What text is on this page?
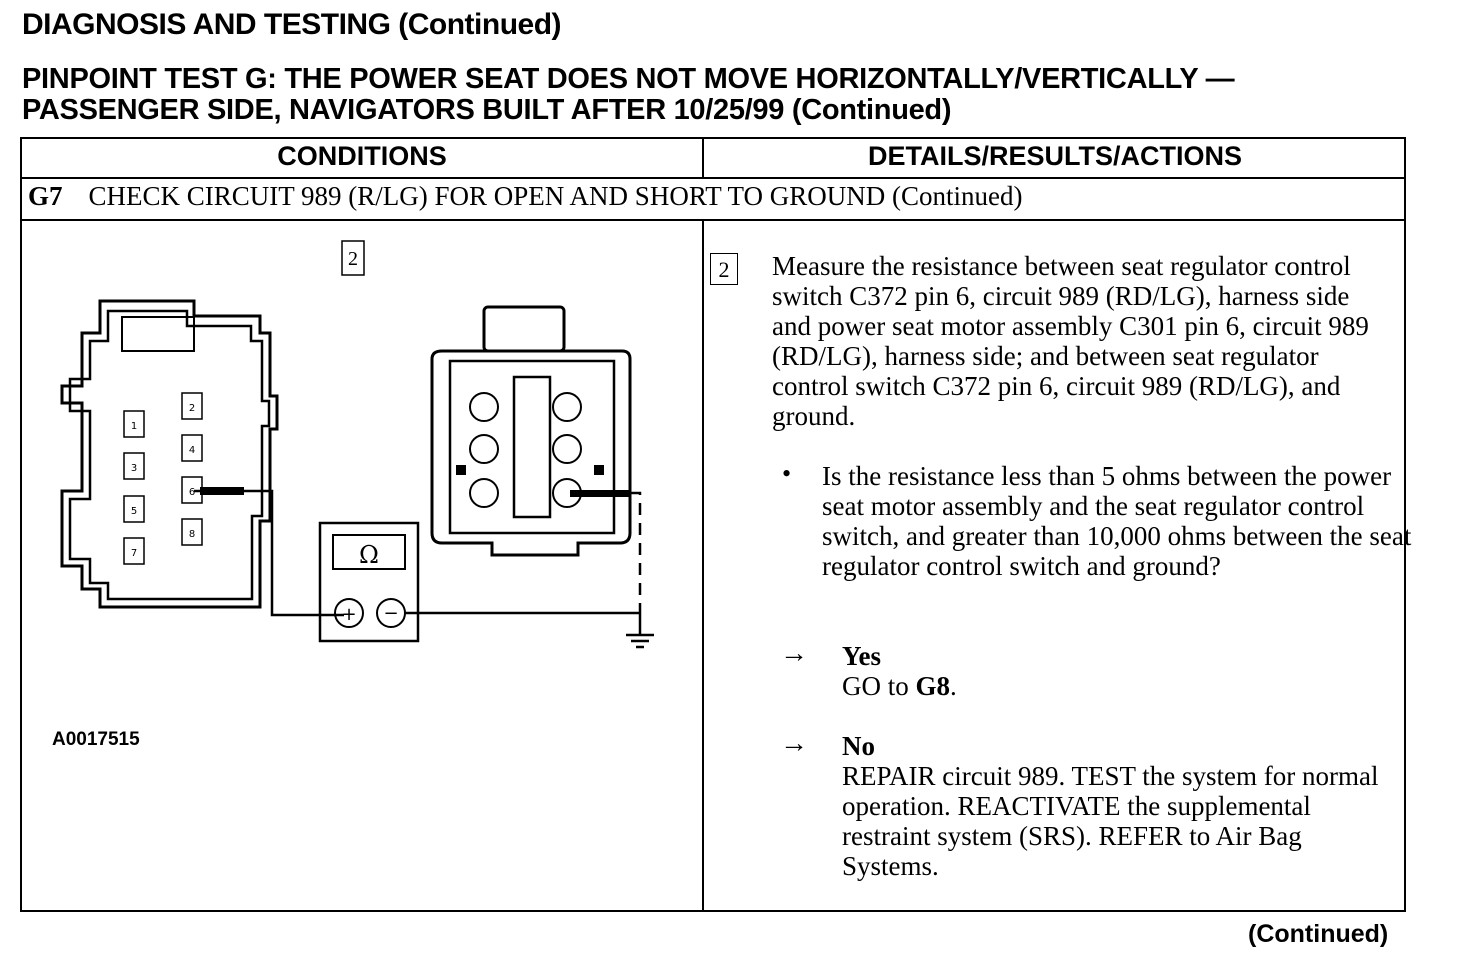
DIAGNOSIS AND TESTING (Continued)
PINPOINT TEST G: THE POWER SEAT DOES NOT MOVE HORIZONTALLY/VERTICALLY —
PASSENGER SIDE, NAVIGATORS BUILT AFTER 10/25/99 (Continued)
CONDITIONS	DETAILS/RESULTS/ACTIONS
G7 CHECK CIRCUIT 989 (R/LG) FOR OPEN AND SHORT TO GROUND (Continued)
2
1
2
3
4
5
6
7
8
Ω
+ −
A0017515
2	Measure the resistance between seat regulator control switch C372 pin 6, circuit 989 (RD/LG), harness side and power seat motor assembly C301 pin 6, circuit 989 (RD/LG), harness side; and between seat regulator control switch C372 pin 6, circuit 989 (RD/LG), and ground.
• Is the resistance less than 5 ohms between the power seat motor assembly and the seat regulator control switch, and greater than 10,000 ohms between the seat regulator control switch and ground?
→ Yes
GO to G8.
→ No
REPAIR circuit 989. TEST the system for normal operation. REACTIVATE the supplemental restraint system (SRS). REFER to Air Bag Systems.
(Continued)
